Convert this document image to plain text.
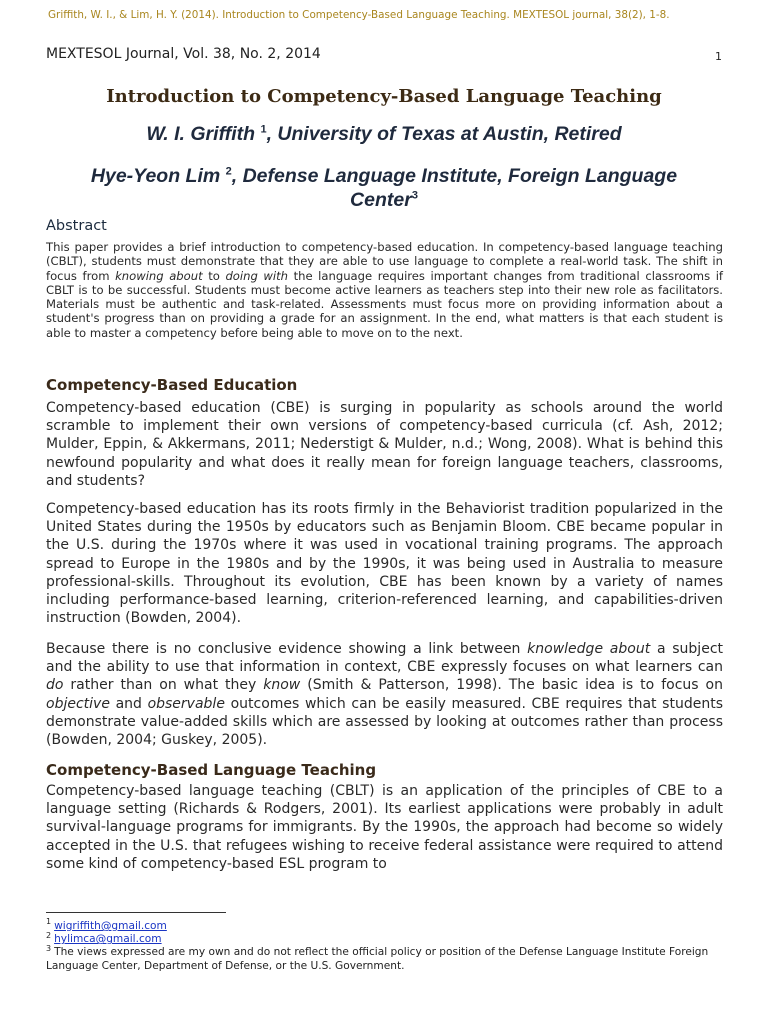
Griffith, W. I., & Lim, H. Y. (2014). Introduction to Competency-Based Language Teaching. MEXTESOL journal, 38(2), 1-8.
MEXTESOL Journal, Vol. 38, No. 2, 2014	1
Introduction to Competency-Based Language Teaching
W. I. Griffith $^1$, University of Texas at Austin, Retired
Hye-Yeon Lim $^2$, Defense Language Institute, Foreign Language
Center$^3$
Abstract

This paper provides a brief introduction to competency-based education. In competency-based language teaching (CBLT), students must demonstrate that they are able to use language to complete a real-world task. The shift in focus from knowing about to doing with the language requires important changes from traditional classrooms if CBLT is to be successful. Students must become active learners as teachers step into their new role as facilitators. Materials must be authentic and task-related. Assessments must focus more on providing information about a student's progress than on providing a grade for an assignment. In the end, what matters is that each student is able to master a competency before being able to move on to the next.

Competency-Based Education

Competency-based education (CBE) is surging in popularity as schools around the world scramble to implement their own versions of competency-based curricula (cf. Ash, 2012; Mulder, Eppin, & Akkermans, 2011; Nederstigt & Mulder, n.d.; Wong, 2008). What is behind this newfound popularity and what does it really mean for foreign language teachers, classrooms, and students?

Competency-based education has its roots firmly in the Behaviorist tradition popularized in the United States during the 1950s by educators such as Benjamin Bloom. CBE became popular in the U.S. during the 1970s where it was used in vocational training programs. The approach spread to Europe in the 1980s and by the 1990s, it was being used in Australia to measure professional-skills. Throughout its evolution, CBE has been known by a variety of names including performance-based learning, criterion-referenced learning, and capabilities-driven instruction (Bowden, 2004).

Because there is no conclusive evidence showing a link between knowledge about a subject and the ability to use that information in context, CBE expressly focuses on what learners can do rather than on what they know (Smith & Patterson, 1998). The basic idea is to focus on objective and observable outcomes which can be easily measured. CBE requires that students demonstrate value-added skills which are assessed by looking at outcomes rather than process (Bowden, 2004; Guskey, 2005).

Competency-Based Language Teaching

Competency-based language teaching (CBLT) is an application of the principles of CBE to a language setting (Richards & Rodgers, 2001). Its earliest applications were probably in adult survival-language programs for immigrants. By the 1990s, the approach had become so widely accepted in the U.S. that refugees wishing to receive federal assistance were required to attend some kind of competency-based ESL program to

$^1$ wigriffith@gmail.com
$^2$ hylimca@gmail.com
$^3$ The views expressed are my own and do not reflect the official policy or position of the Defense Language Institute Foreign Language Center, Department of Defense, or the U.S. Government.
